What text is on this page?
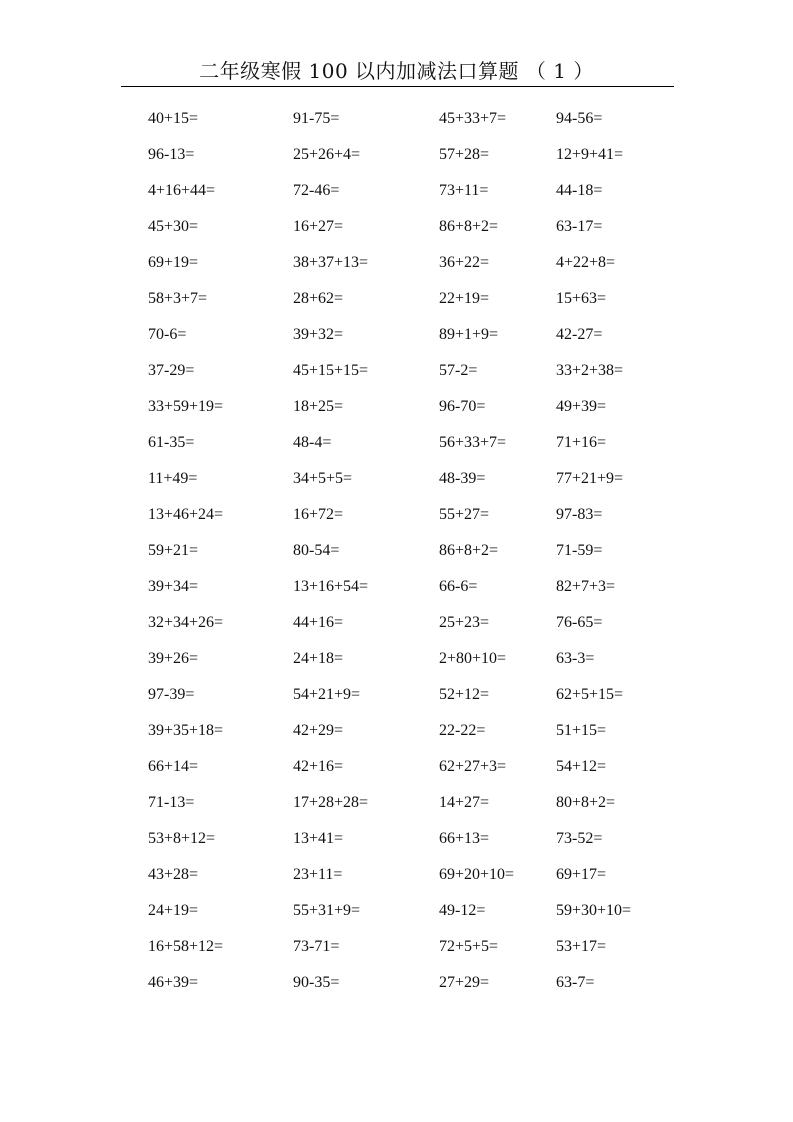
二年级寒假 100 以内加减法口算题 （ 1 ）
40+15=	91-75=	45+33+7=	94-56=
96-13=	25+26+4=	57+28=	12+9+41=
4+16+44=	72-46=	73+11=	44-18=
45+30=	16+27=	86+8+2=	63-17=
69+19=	38+37+13=	36+22=	4+22+8=
58+3+7=	28+62=	22+19=	15+63=
70-6=	39+32=	89+1+9=	42-27=
37-29=	45+15+15=	57-2=	33+2+38=
33+59+19=	18+25=	96-70=	49+39=
61-35=	48-4=	56+33+7=	71+16=
11+49=	34+5+5=	48-39=	77+21+9=
13+46+24=	16+72=	55+27=	97-83=
59+21=	80-54=	86+8+2=	71-59=
39+34=	13+16+54=	66-6=	82+7+3=
32+34+26=	44+16=	25+23=	76-65=
39+26=	24+18=	2+80+10=	63-3=
97-39=	54+21+9=	52+12=	62+5+15=
39+35+18=	42+29=	22-22=	51+15=
66+14=	42+16=	62+27+3=	54+12=
71-13=	17+28+28=	14+27=	80+8+2=
53+8+12=	13+41=	66+13=	73-52=
43+28=	23+11=	69+20+10=	69+17=
24+19=	55+31+9=	49-12=	59+30+10=
16+58+12=	73-71=	72+5+5=	53+17=
46+39=	90-35=	27+29=	63-7=
